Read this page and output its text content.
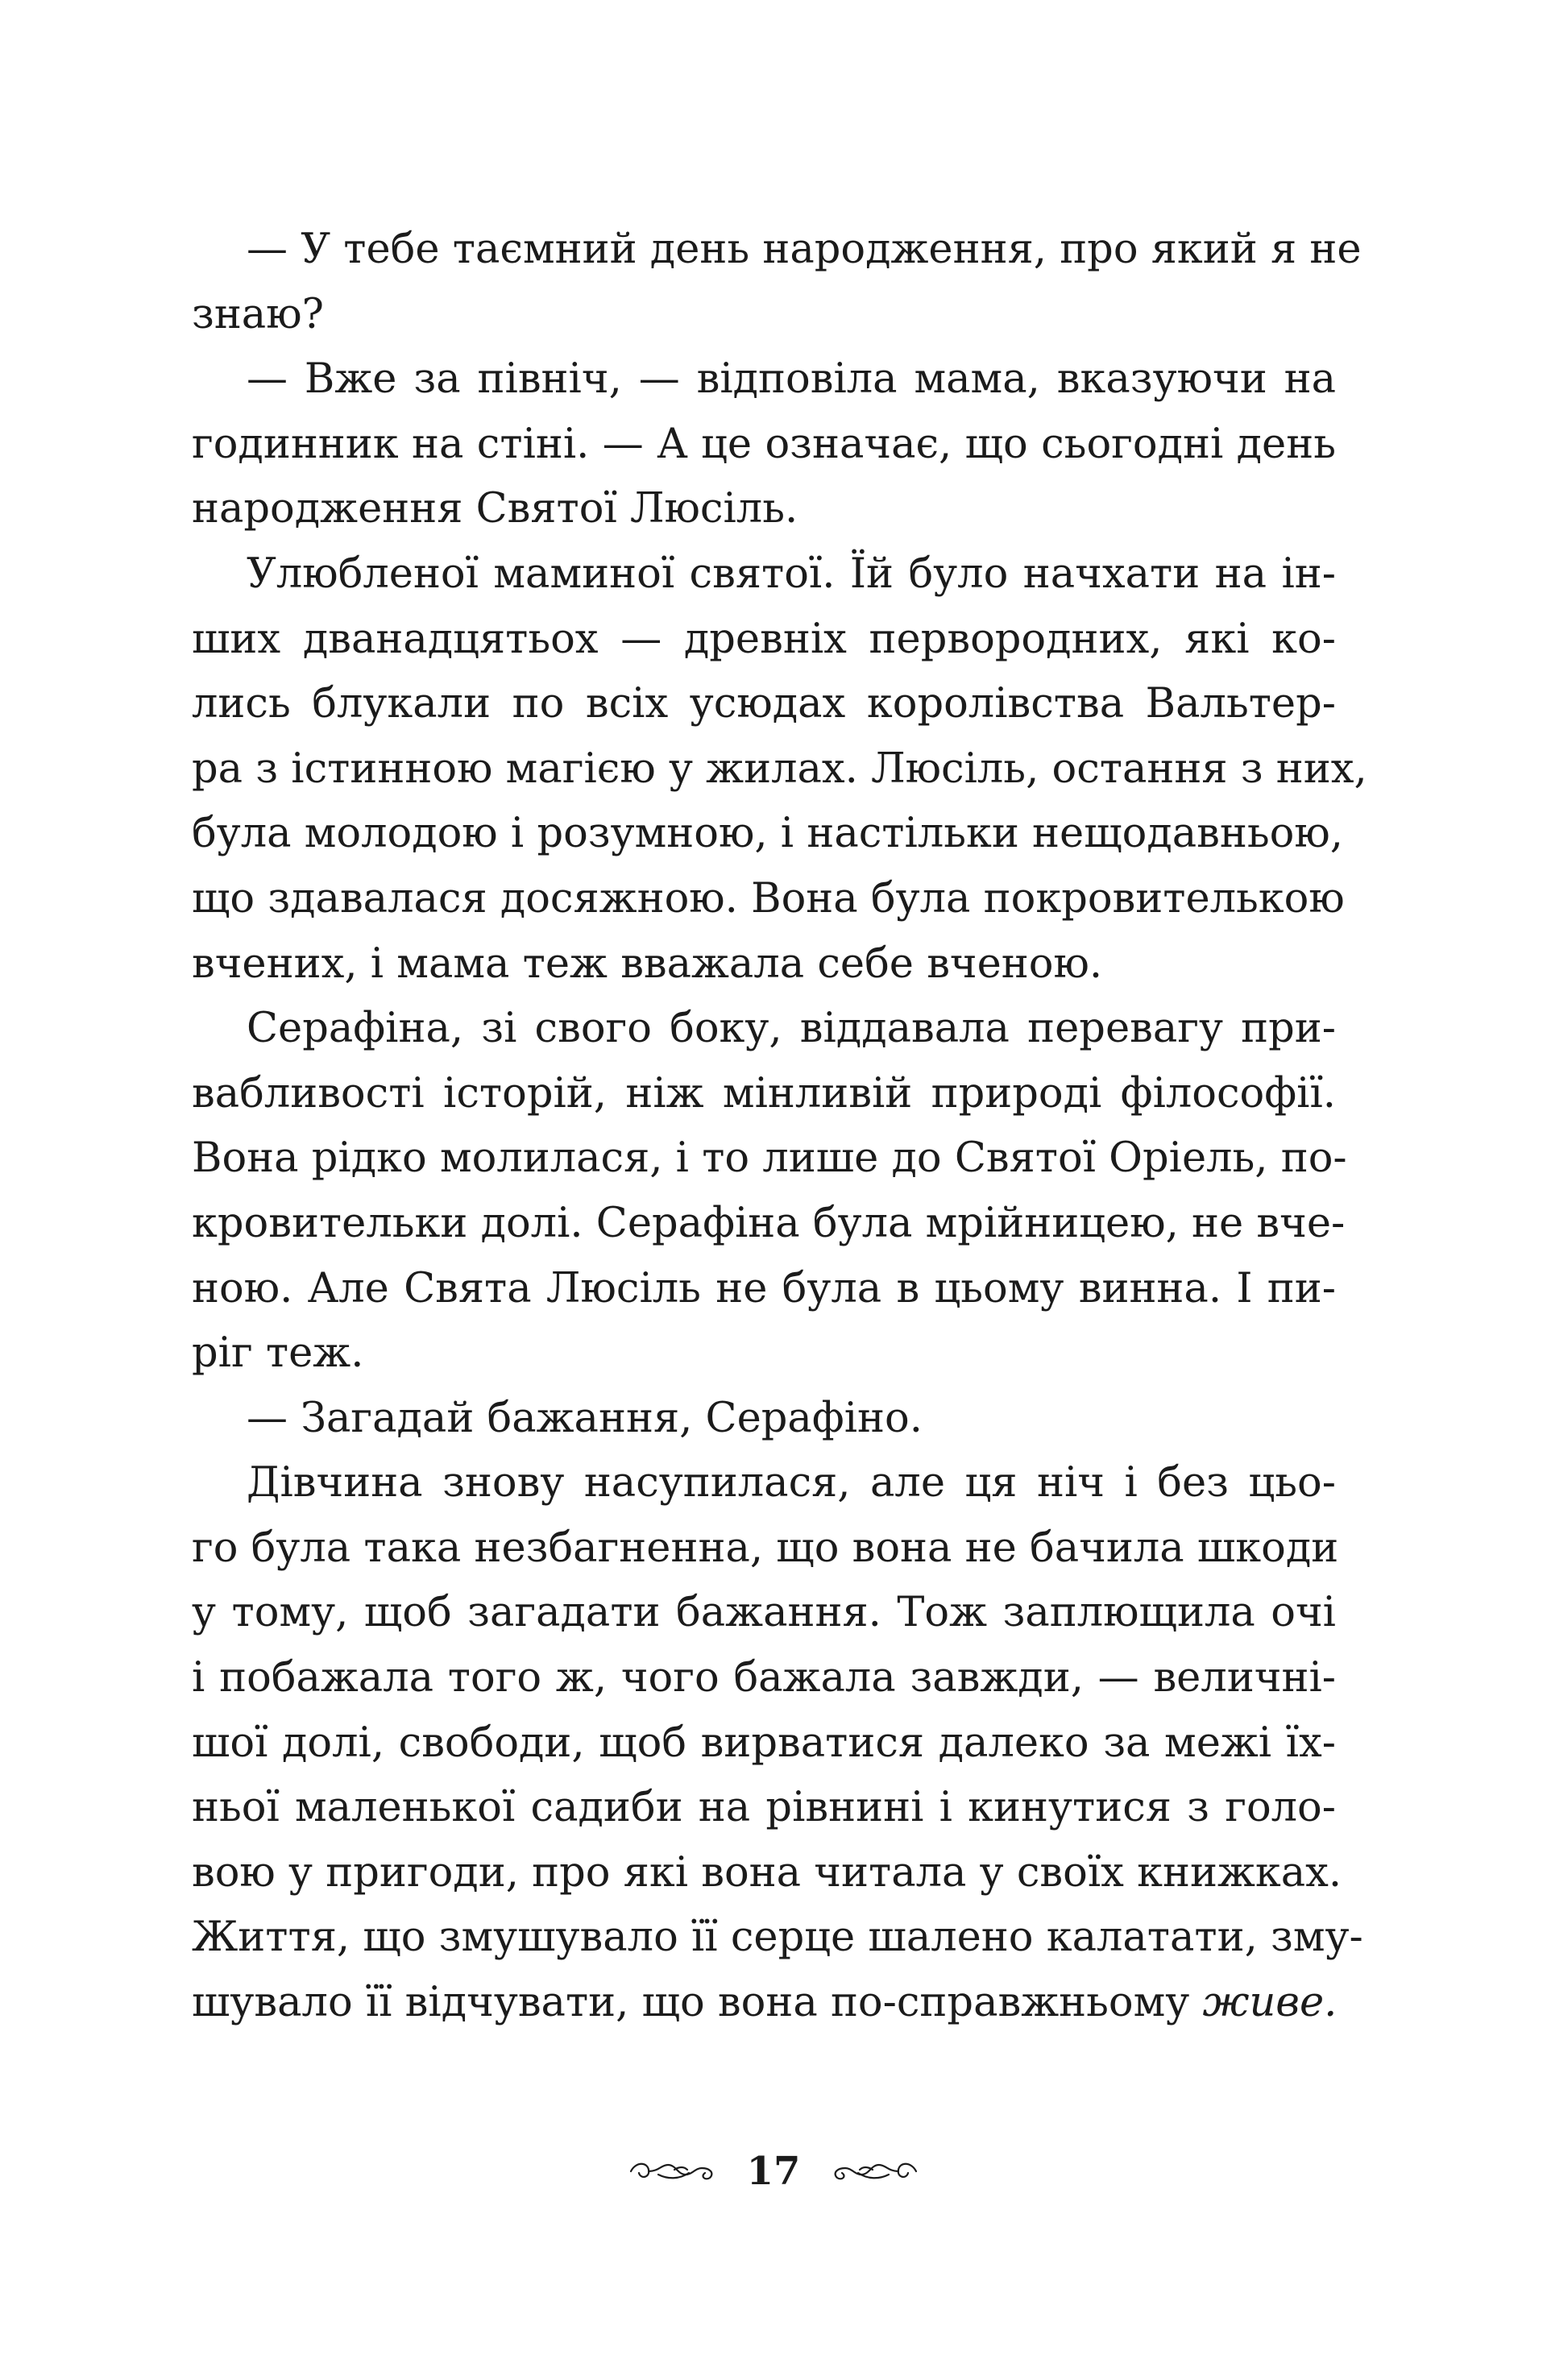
— У тебе таємний день народження, про який я не
знаю?
— Вже за північ, — відповіла мама, вказуючи на
годинник на стіні. — А це означає, що сьогодні день
народження Святої Люсіль.
Улюбленої маминої святої. Їй було начхати на ін-
ших дванадцятьох — древніх первородних, які ко-
лись блукали по всіх усюдах королівства Вальтер-
ра з істинною магією у жилах. Люсіль, остання з них,
була молодою і розумною, і настільки нещодавньою,
що здавалася досяжною. Вона була покровителькою
вчених, і мама теж вважала себе вченою.
Серафіна, зі свого боку, віддавала перевагу при-
вабливості історій, ніж мінливій природі філософії.
Вона рідко молилася, і то лише до Святої Оріель, по-
кровительки долі. Серафіна була мрійницею, не вче-
ною. Але Свята Люсіль не була в цьому винна. І пи-
ріг теж.
— Загадай бажання, Серафіно.
Дівчина знову насупилася, але ця ніч і без цьо-
го була така незбагненна, що вона не бачила шкоди
у тому, щоб загадати бажання. Тож заплющила очі
і побажала того ж, чого бажала завжди, — величні-
шої долі, свободи, щоб вирватися далеко за межі їх-
ньої маленької садиби на рівнині і кинутися з голо-
вою у пригоди, про які вона читала у своїх книжках.
Життя, що змушувало її серце шалено калатати, зму-
шувало її відчувати, що вона по-справжньому живе.
17
